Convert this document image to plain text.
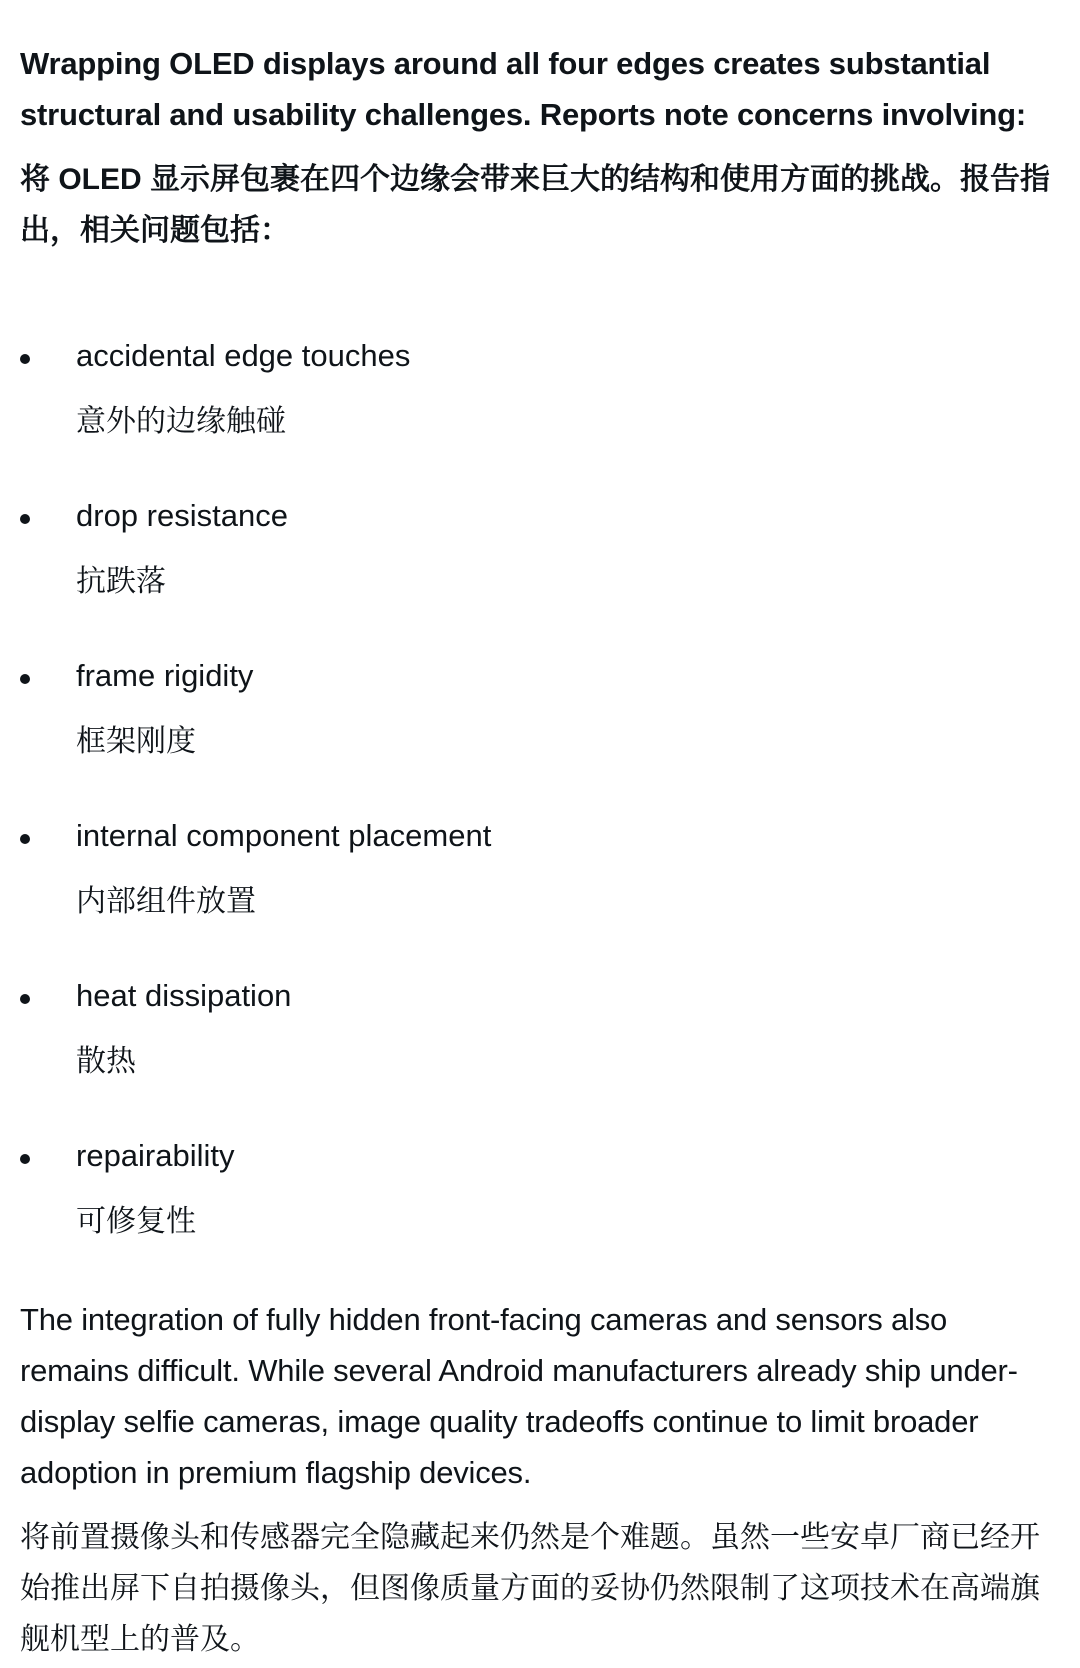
Wrapping OLED displays around all four edges creates substantial structural and usability challenges. Reports note concerns involving:

将 OLED 显示屏包裹在四个边缘会带来巨大的结构和使用方面的挑战。报告指出，相关问题包括：

accidental edge touches

意外的边缘触碰

drop resistance

抗跌落

frame rigidity

框架刚度

internal component placement

内部组件放置

heat dissipation

散热

repairability

可修复性

The integration of fully hidden front-facing cameras and sensors also remains difficult. While several Android manufacturers already ship under-display selfie cameras, image quality tradeoffs continue to limit broader adoption in premium flagship devices.

将前置摄像头和传感器完全隐藏起来仍然是个难题。虽然一些安卓厂商已经开始推出屏下自拍摄像头，但图像质量方面的妥协仍然限制了这项技术在高端旗舰机型上的普及。
